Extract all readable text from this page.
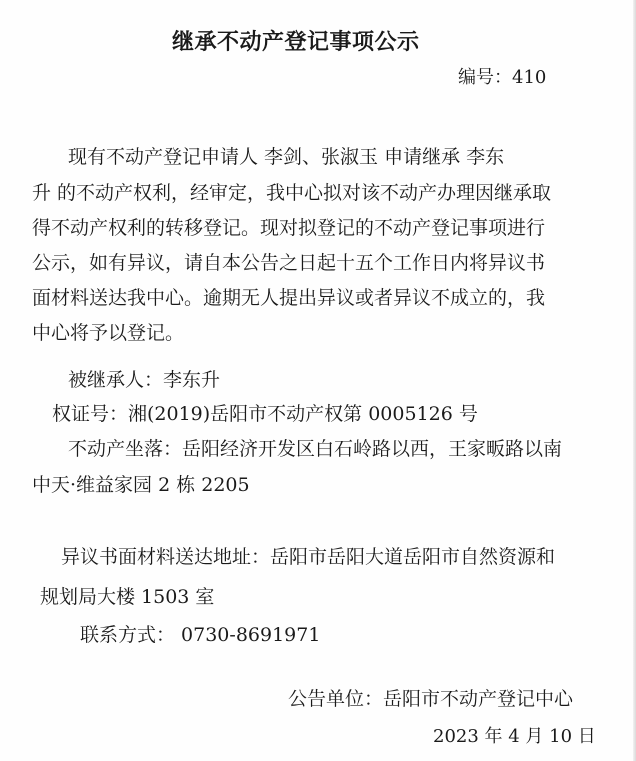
继承不动产登记事项公示
编号：410
现有不动产登记申请人 李剑、张淑玉 申请继承 李东
升 的不动产权利，经审定，我中心拟对该不动产办理因继承取
得不动产权利的转移登记。现对拟登记的不动产登记事项进行
公示，如有异议，请自本公告之日起十五个工作日内将异议书
面材料送达我中心。逾期无人提出异议或者异议不成立的，我
中心将予以登记。
被继承人：李东升
权证号：湘(2019)岳阳市不动产权第 0005126 号
不动产坐落：岳阳经济开发区白石岭路以西，王家畈路以南
中天·维益家园 2 栋 2205
异议书面材料送达地址：岳阳市岳阳大道岳阳市自然资源和
规划局大楼 1503 室
联系方式： 0730-8691971
公告单位：岳阳市不动产登记中心
2023 年 4 月 10 日
